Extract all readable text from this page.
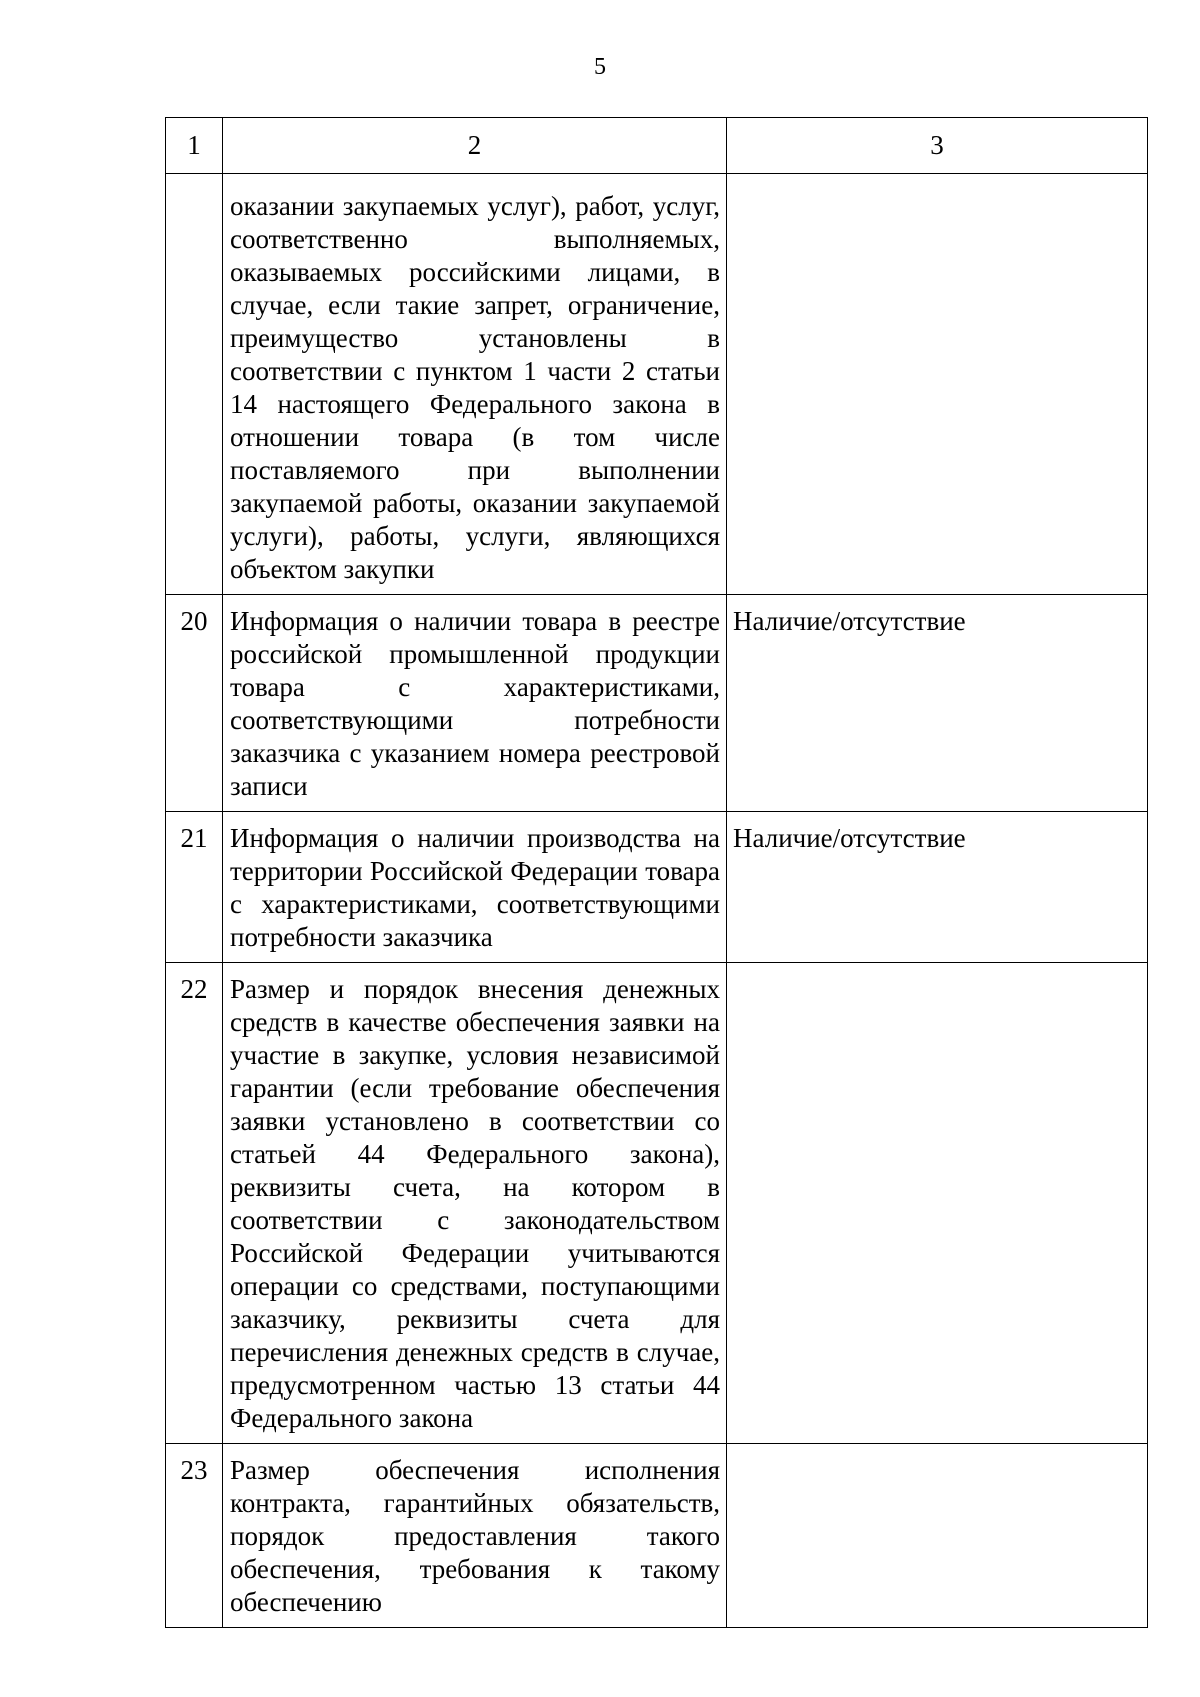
5
1	2	3
	оказании закупаемых услуг), работ, услуг, соответственно выполняемых, оказываемых российскими лицами, в случае, если такие запрет, ограничение, преимущество установлены в соответствии с пунктом 1 части 2 статьи 14 настоящего Федерального закона в отношении товара (в том числе поставляемого при выполнении закупаемой работы, оказании закупаемой услуги), работы, услуги, являющихся объектом закупки	
20	Информация о наличии товара в реестре российской промышленной продукции товара с характеристиками, соответствующими потребности заказчика с указанием номера реестровой записи	Наличие/отсутствие
21	Информация о наличии производства на территории Российской Федерации товара с характеристиками, соответствующими потребности заказчика	Наличие/отсутствие
22	Размер и порядок внесения денежных средств в качестве обеспечения заявки на участие в закупке, условия независимой гарантии (если требование обеспечения заявки установлено в соответствии со статьей 44 Федерального закона), реквизиты счета, на котором в соответствии с законодательством Российской Федерации учитываются операции со средствами, поступающими заказчику, реквизиты счета для перечисления денежных средств в случае, предусмотренном частью 13 статьи 44 Федерального закона	
23	Размер обеспечения исполнения контракта, гарантийных обязательств, порядок предоставления такого обеспечения, требования к такому обеспечению	
